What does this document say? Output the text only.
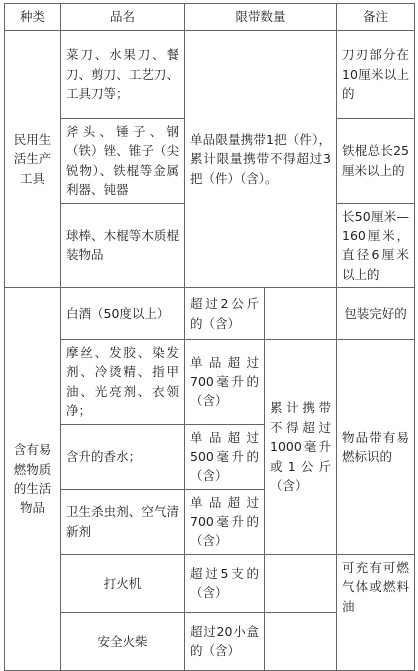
种类	品名	限带数量		备注
民用生活生产工具	菜刀、水果刀、餐刀、剪刀、工艺刀、工具刀等；	单品限量携带1把（件），累计限量携带不得超过3把（件）（含）。		刀刃部分在10厘米以上的
	斧头、锤子、钢（铁）锉、锥子（尖锐物）、铁棍等金属利器、钝器			铁棍总长25厘米以上的
	球棒、木棍等木质棍装物品			长50厘米—160厘米，直径6厘米以上的
含有易燃物质的生活物品	白酒（50度以上）	超过2公斤的（含）		包装完好的
	摩丝、发胶、染发剂、冷烫精、指甲油、光亮剂、衣领净；	单品超过700毫升的（含）	累计携带不得超过1000毫升或1公斤（含）	物品带有易燃标识的
	含升的香水；	单品超过500毫升的（含）		
	卫生杀虫剂、空气清新剂	单品超过700毫升的（含）		
	打火机	超过5支的（含）		可充有可燃气体或燃料油
	安全火柴	超过20小盒的（含）		
